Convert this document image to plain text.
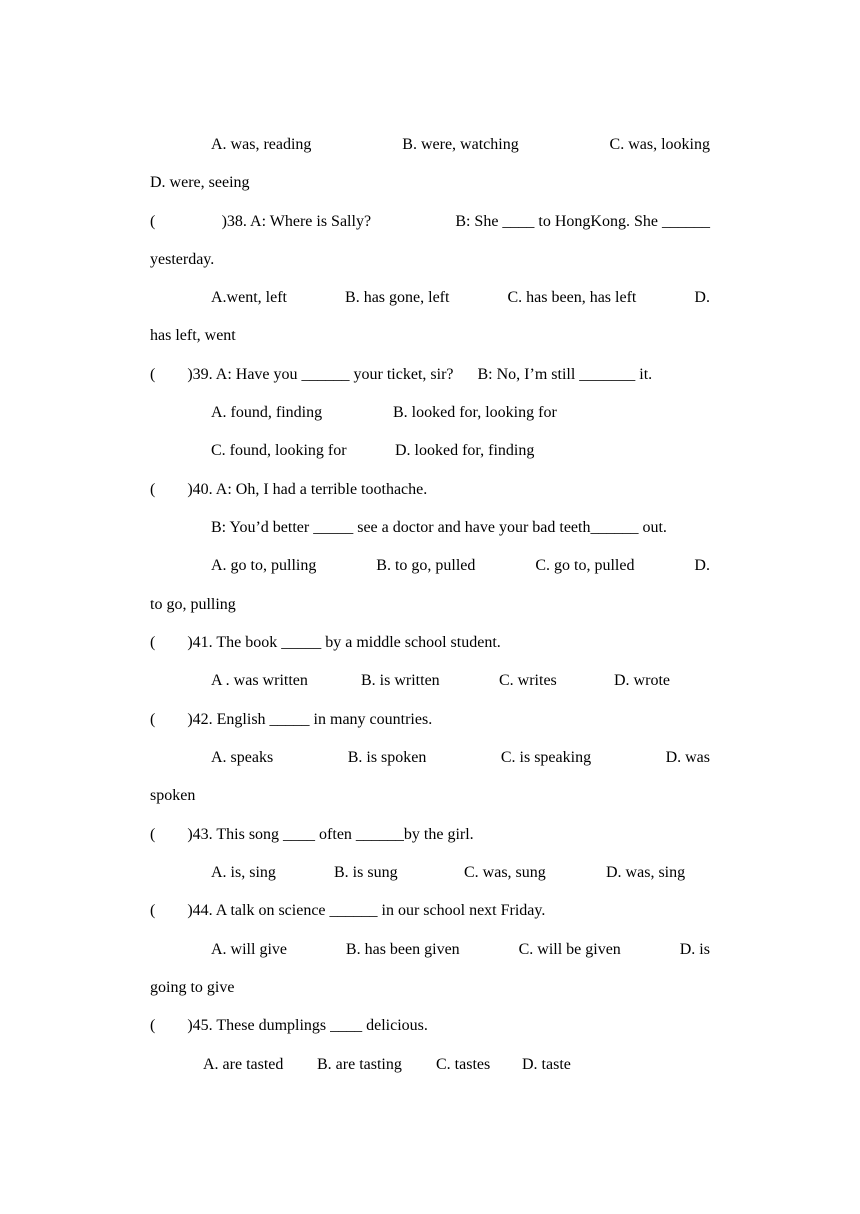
A. was, reading	B. were, watching	C. was, looking
D. were, seeing
(	)38. A: Where is Sally?	B: She ____ to HongKong. She ______
yesterday.
A.went, left	B. has gone, left	C. has been, has left	D.
has left, went
(        )39. A: Have you ______ your ticket, sir?      B: No, I’m still _______ it.
A. found, finding	B. looked for, looking for
C. found, looking for	D. looked for, finding
(        )40. A: Oh, I had a terrible toothache.
B: You’d better _____ see a doctor and have your bad teeth______ out.
A. go to, pulling	B. to go, pulled	C. go to, pulled	D.
to go, pulling
(        )41. The book _____ by a middle school student.
A . was written	B. is written	C. writes	D. wrote
(        )42. English _____ in many countries.
A. speaks	B. is spoken	C. is speaking	D. was
spoken
(        )43. This song ____ often ______by the girl.
A. is, sing	B. is sung	C. was, sung	D. was, sing
(        )44. A talk on science ______ in our school next Friday.
A. will give	B. has been given	C. will be given	D. is
going to give
(        )45. These dumplings ____ delicious.
A. are tasted B. are tasting C. tastes D. taste
